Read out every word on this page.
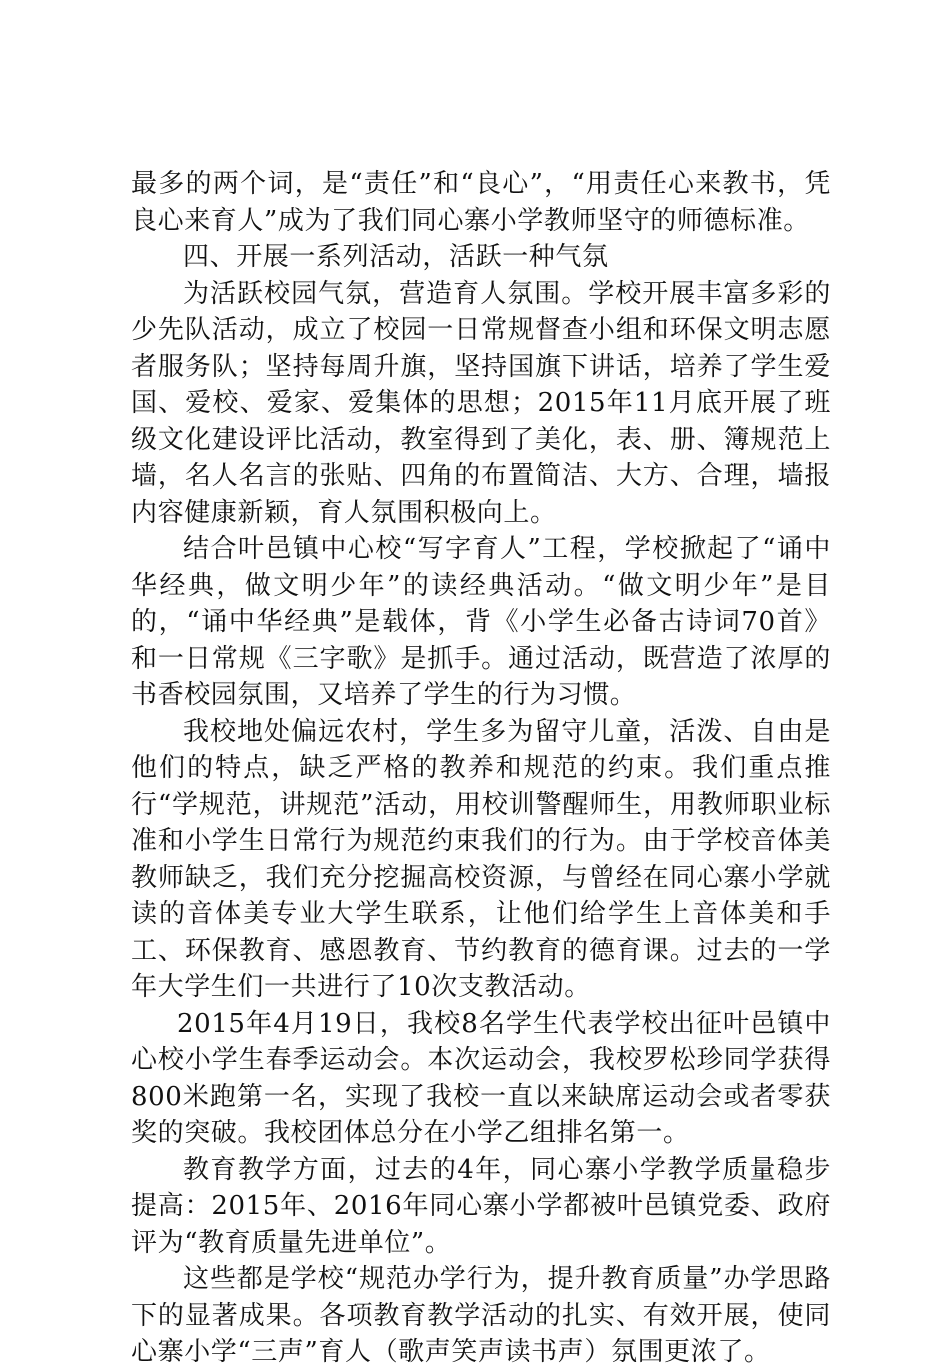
最多的两个词，是“责任”和“良心”，“用责任心来教书，凭良心来育人”成为了我们同心寨小学教师坚守的师德标准。

四、开展一系列活动，活跃一种气氛

为活跃校园气氛，营造育人氛围。学校开展丰富多彩的少先队活动，成立了校园一日常规督查小组和环保文明志愿者服务队；坚持每周升旗，坚持国旗下讲话，培养了学生爱国、爱校、爱家、爱集体的思想；2015年11月底开展了班级文化建设评比活动，教室得到了美化，表、册、簿规范上墙，名人名言的张贴、四角的布置简洁、大方、合理，墙报内容健康新颖，育人氛围积极向上。

结合叶邑镇中心校“写字育人”工程，学校掀起了“诵中华经典，做文明少年”的读经典活动。“做文明少年”是目的，“诵中华经典”是载体，背《小学生必备古诗词70首》和一日常规《三字歌》是抓手。通过活动，既营造了浓厚的书香校园氛围，又培养了学生的行为习惯。

我校地处偏远农村，学生多为留守儿童，活泼、自由是他们的特点，缺乏严格的教养和规范的约束。我们重点推行“学规范，讲规范”活动，用校训警醒师生，用教师职业标准和小学生日常行为规范约束我们的行为。由于学校音体美教师缺乏，我们充分挖掘高校资源，与曾经在同心寨小学就读的音体美专业大学生联系，让他们给学生上音体美和手工、环保教育、感恩教育、节约教育的德育课。过去的一学年大学生们一共进行了10次支教活动。

2015年4月19日，我校8名学生代表学校出征叶邑镇中心校小学生春季运动会。本次运动会，我校罗松珍同学获得800米跑第一名，实现了我校一直以来缺席运动会或者零获奖的突破。我校团体总分在小学乙组排名第一。

教育教学方面，过去的4年，同心寨小学教学质量稳步提高：2015年、2016年同心寨小学都被叶邑镇党委、政府评为“教育质量先进单位”。

这些都是学校“规范办学行为，提升教育质量”办学思路下的显著成果。各项教育教学活动的扎实、有效开展，使同心寨小学“三声”育人（歌声笑声读书声）氛围更浓了。
